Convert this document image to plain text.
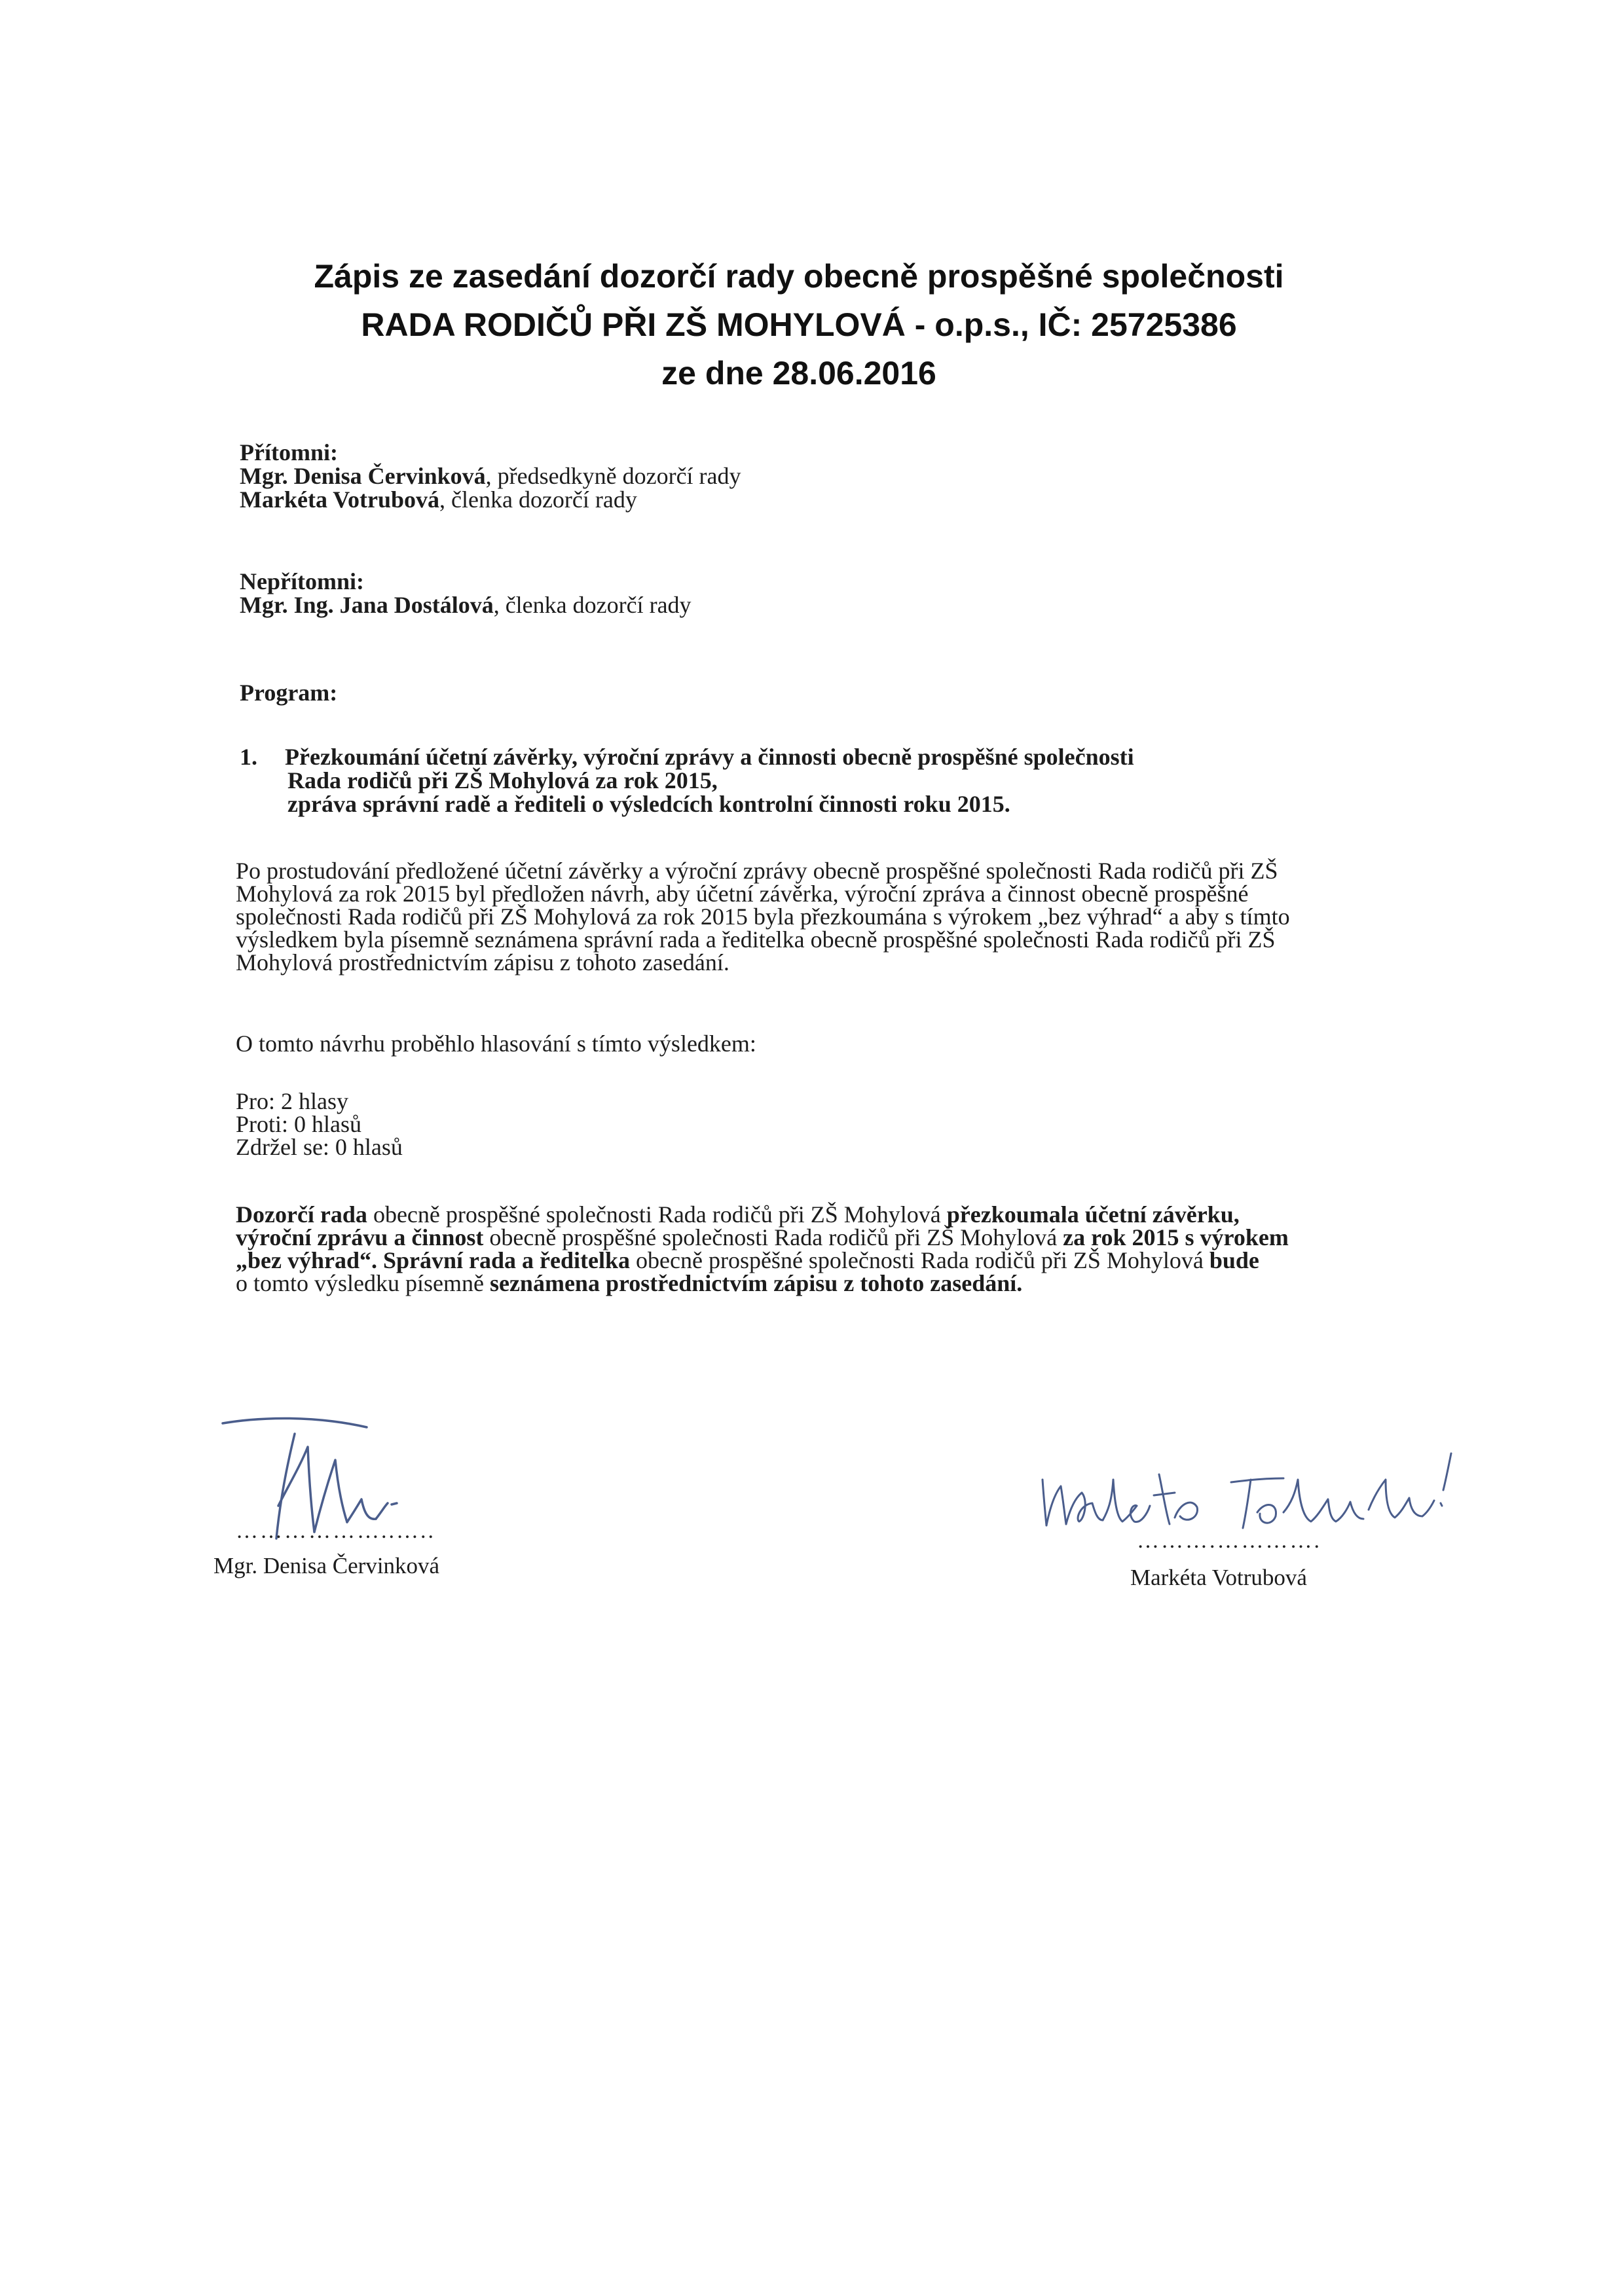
Zápis ze zasedání dozorčí rady obecně prospěšné společnosti
RADA RODIČŮ PŘI ZŠ MOHYLOVÁ - o.p.s., IČ: 25725386
ze dne 28.06.2016
Přítomni:
Mgr. Denisa Červinková, předsedkyně dozorčí rady
Markéta Votrubová, členka dozorčí rady
Nepřítomni:
Mgr. Ing. Jana Dostálová, členka dozorčí rady
Program:
1. Přezkoumání účetní závěrky, výroční zprávy a činnosti obecně prospěšné společnosti
Rada rodičů při ZŠ Mohylová za rok 2015,
zpráva správní radě a řediteli o výsledcích kontrolní činnosti roku 2015.
Po prostudování předložené účetní závěrky a výroční zprávy obecně prospěšné společnosti Rada rodičů při ZŠ
Mohylová za rok 2015 byl předložen návrh, aby účetní závěrka, výroční zpráva a činnost obecně prospěšné
společnosti Rada rodičů při ZŠ Mohylová za rok 2015 byla přezkoumána s výrokem „bez výhrad“ a aby s tímto
výsledkem byla písemně seznámena správní rada a ředitelka obecně prospěšné společnosti Rada rodičů při ZŠ
Mohylová prostřednictvím zápisu z tohoto zasedání.
O tomto návrhu proběhlo hlasování s tímto výsledkem:
Pro: 2 hlasy
Proti: 0 hlasů
Zdržel se: 0 hlasů
Dozorčí rada obecně prospěšné společnosti Rada rodičů při ZŠ Mohylová přezkoumala účetní závěrku,
výroční zprávu a činnost obecně prospěšné společnosti Rada rodičů při ZŠ Mohylová za rok 2015 s výrokem
„bez výhrad“. Správní rada a ředitelka obecně prospěšné společnosti Rada rodičů při ZŠ Mohylová bude
o tomto výsledku písemně seznámena prostřednictvím zápisu z tohoto zasedání.
………………..…..
Mgr. Denisa Červinková
……….………….
Markéta Votrubová
